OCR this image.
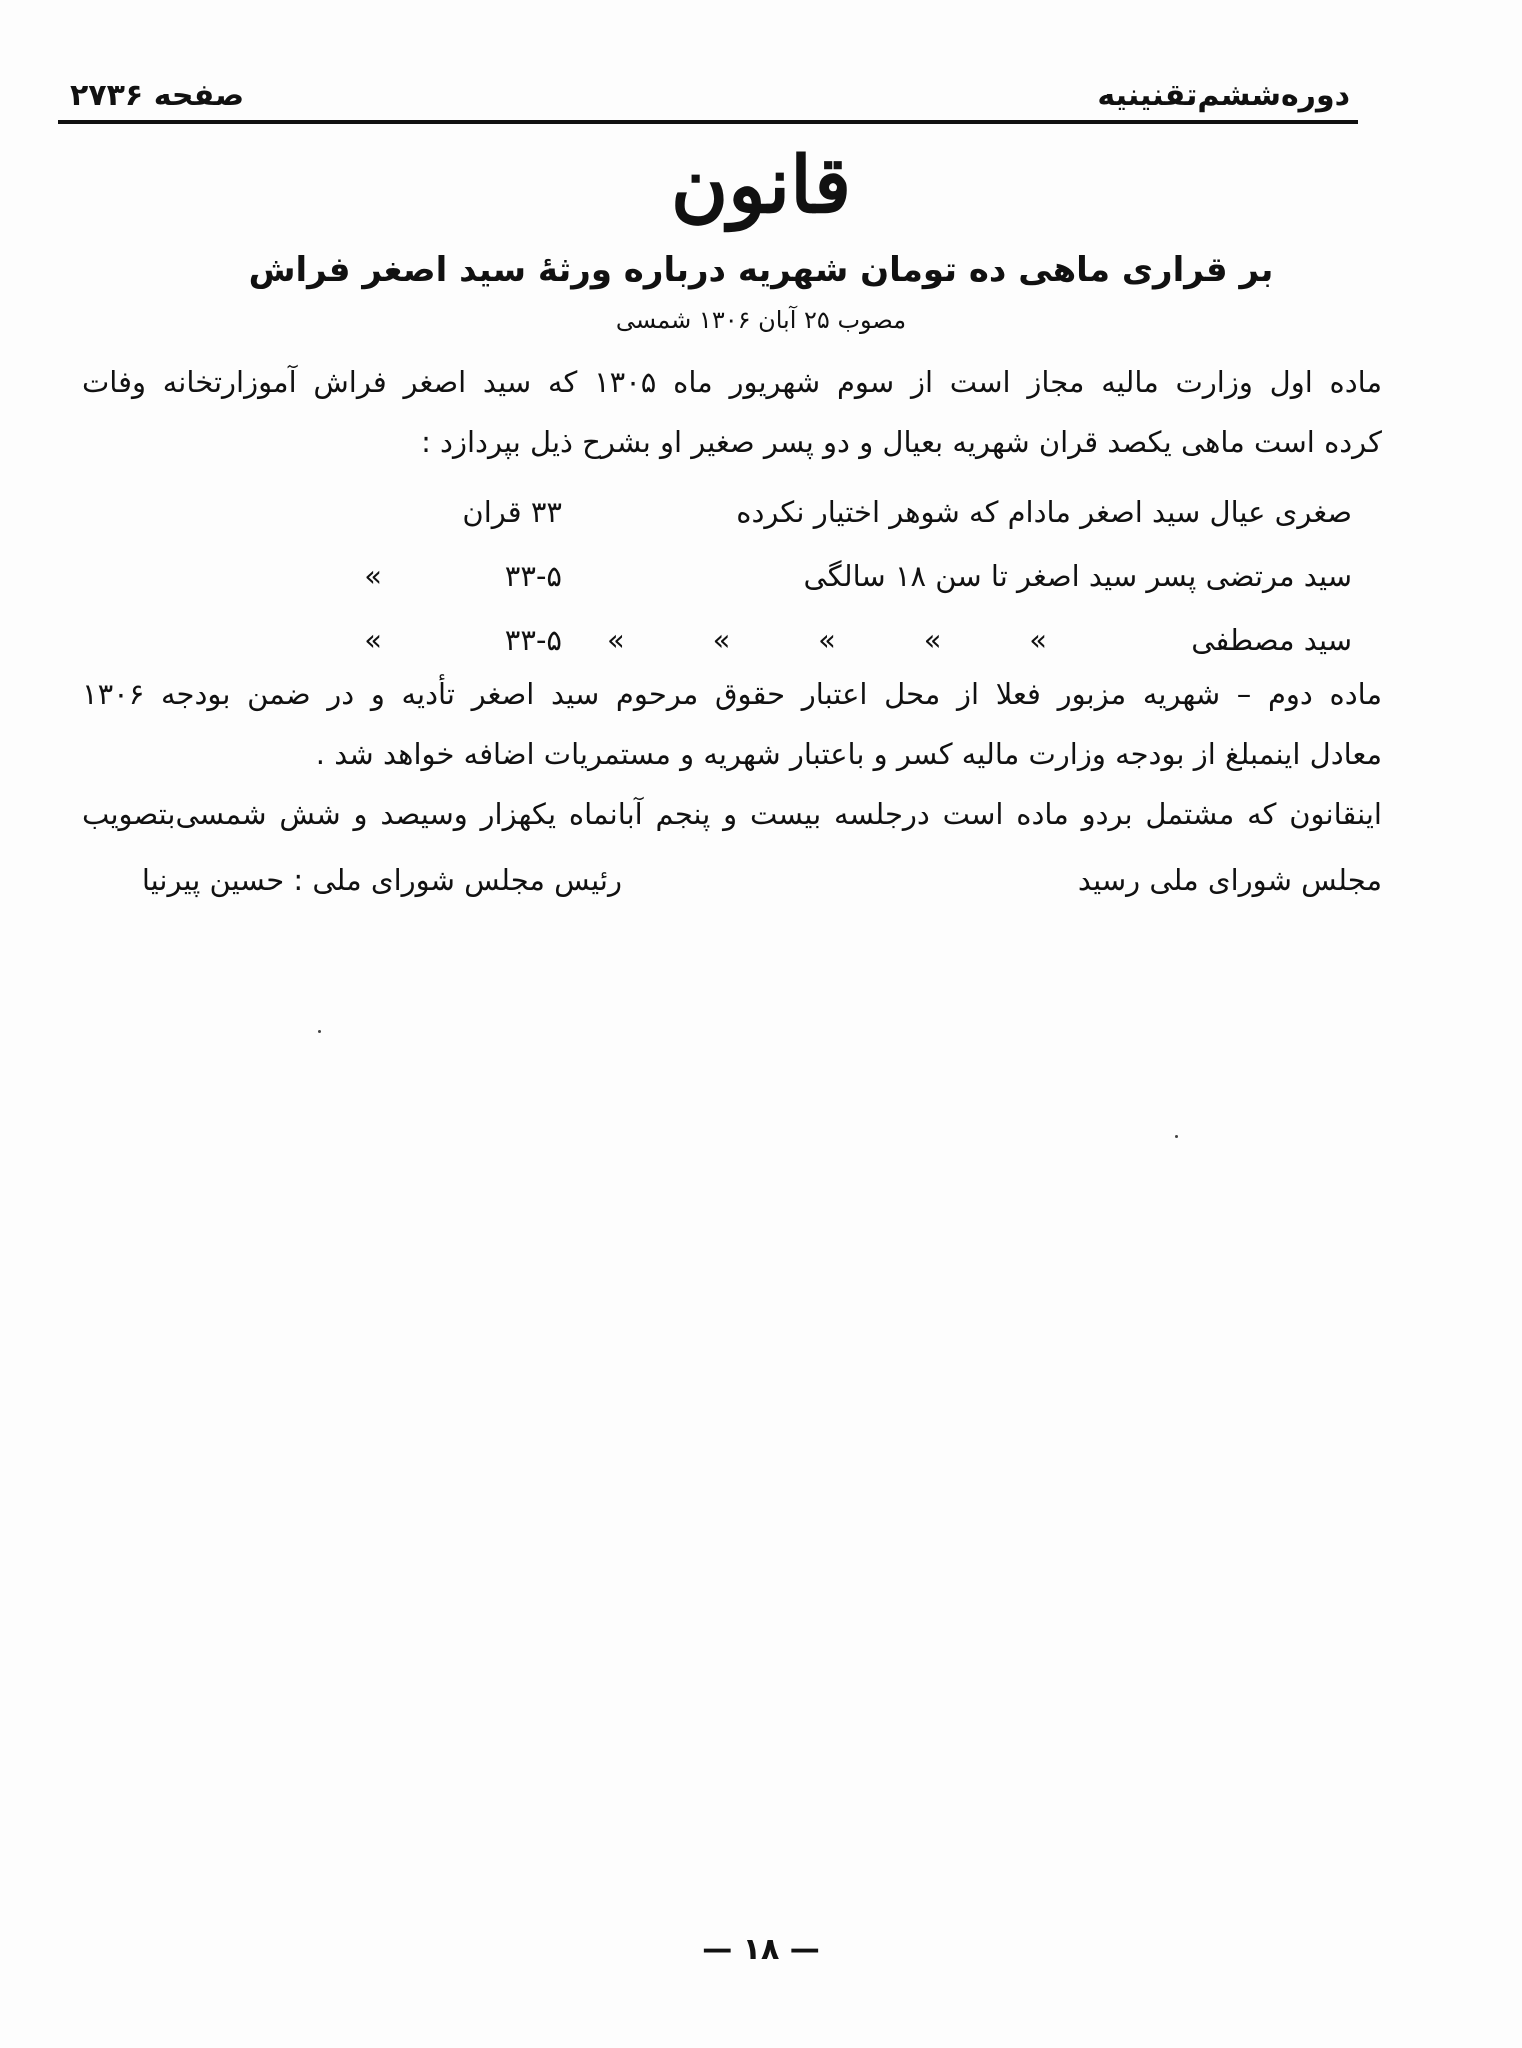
دوره‌ششم‌تقنینیه
صفحه ۲۷۳۶
قانون
بر قراری ماهی ده تومان شهریه درباره ورثهٔ سید اصغر فراش
مصوب ۲۵ آبان ۱۳۰۶ شمسی
ماده اول وزارت مالیه مجاز است از سوم شهریور ماه ۱۳۰۵ که سید اصغر فراش آموزارتخانه وفات
کرده است ماهی یکصد قران شهریه بعیال و دو پسر صغیر او بشرح ذیل بپردازد :
صغری عیال سید اصغر مادام که شوهر اختیار نکرده
۳۳ قران
سید مرتضی پسر سید اصغر تا سن ۱۸ سالگی
۳۳-۵
»
سید مصطفی
»
»
»
»
»
۳۳-۵
»
ماده دوم – شهریه مزبور فعلا از محل اعتبار حقوق مرحوم سید اصغر تأدیه و در ضمن بودجه ۱۳۰۶
معادل اینمبلغ از بودجه وزارت مالیه کسر و باعتبار شهریه و مستمریات اضافه خواهد شد .
اینقانون که مشتمل بردو ماده است درجلسه بیست و پنجم آبانماه یکهزار وسیصد و شش شمسی‌بتصویب
مجلس شورای ملی رسید
رئیس مجلس شورای ملی : حسین پیرنیا
— ۱۸ —
